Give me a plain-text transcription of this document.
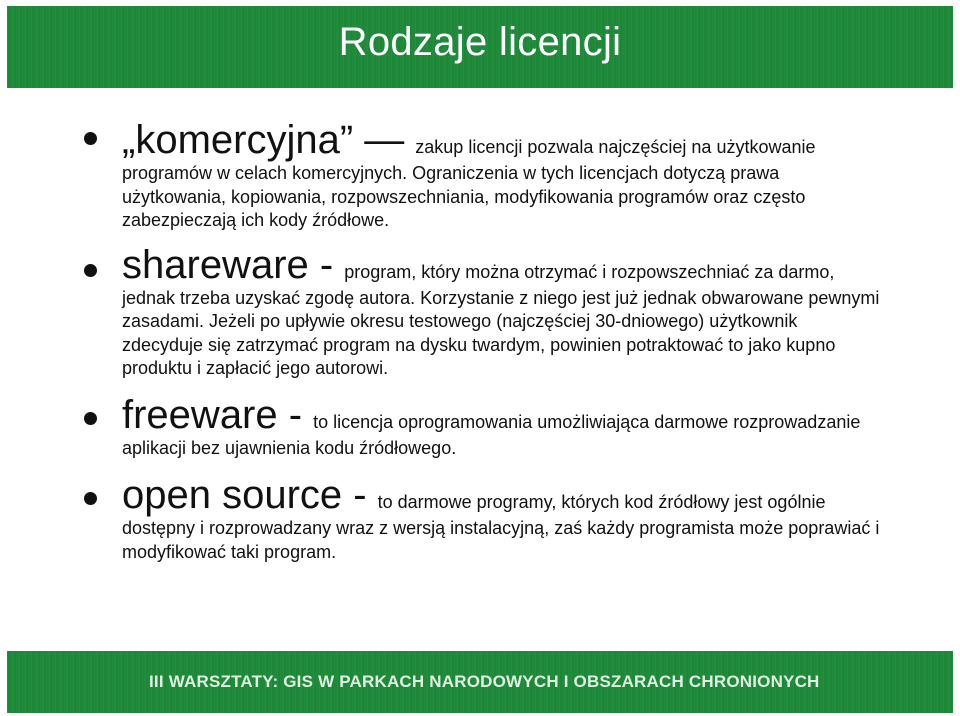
Rodzaje licencji

„komercyjna” — zakup licencji pozwala najczęściej na użytkowanie programów w celach komercyjnych. Ograniczenia w tych licencjach dotyczą prawa użytkowania, kopiowania, rozpowszechniania, modyfikowania programów oraz często zabezpieczają ich kody źródłowe.

shareware - program, który można otrzymać i rozpowszechniać za darmo, jednak trzeba uzyskać zgodę autora. Korzystanie z niego jest już jednak obwarowane pewnymi zasadami. Jeżeli po upływie okresu testowego (najczęściej 30-dniowego) użytkownik zdecyduje się zatrzymać program na dysku twardym, powinien potraktować to jako kupno produktu i zapłacić jego autorowi.

freeware - to licencja oprogramowania umożliwiająca darmowe rozprowadzanie aplikacji bez ujawnienia kodu źródłowego.

open source - to darmowe programy, których kod źródłowy jest ogólnie dostępny i rozprowadzany wraz z wersją instalacyjną, zaś każdy programista może poprawiać i modyfikować taki program.

III WARSZTATY: GIS W PARKACH NARODOWYCH I OBSZARACH CHRONIONYCH
